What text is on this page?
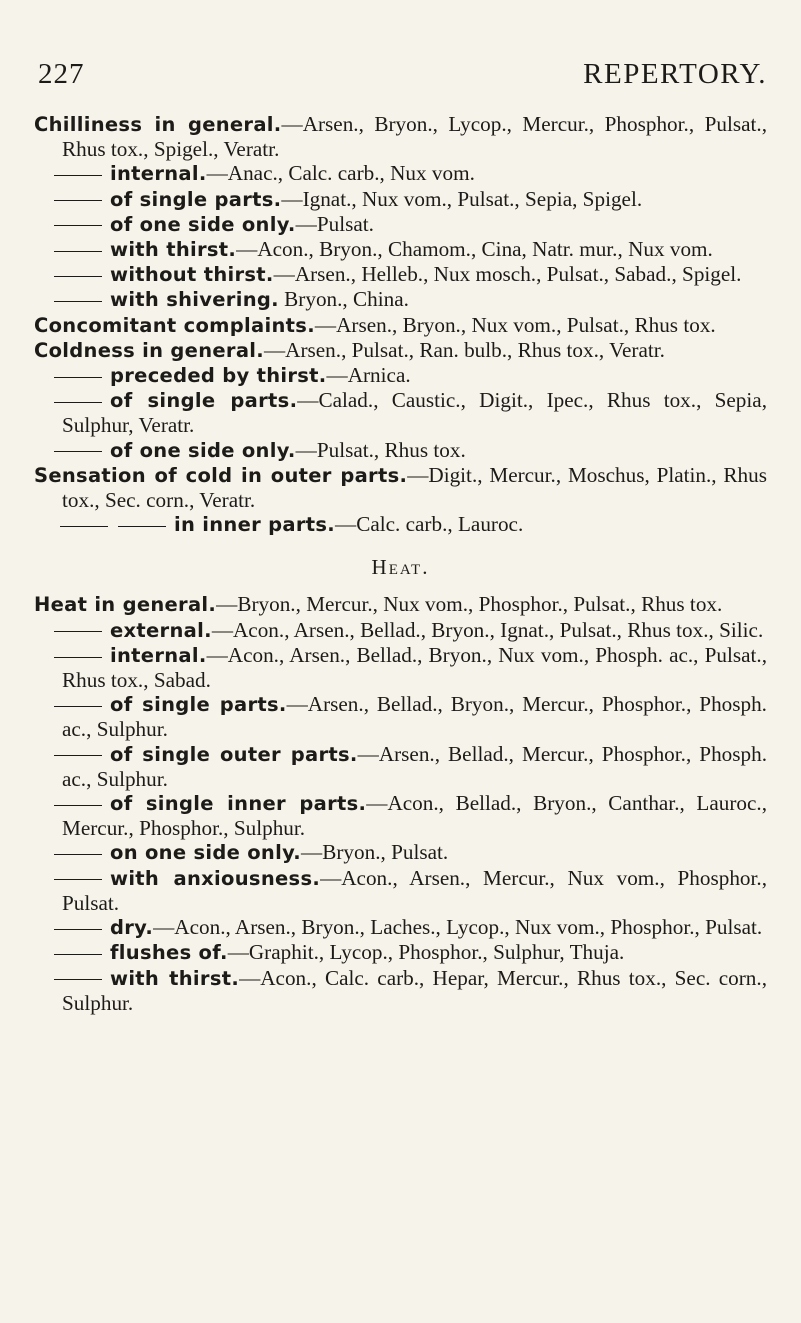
227	REPERTORY.

Chilliness in general.—Arsen., Bryon., Lycop., Mercur., Phosphor., Pulsat., Rhus tox., Spigel., Veratr.

internal.—Anac., Calc. carb., Nux vom.

of single parts.—Ignat., Nux vom., Pulsat., Sepia, Spigel.

of one side only.—Pulsat.

with thirst.—Acon., Bryon., Chamom., Cina, Natr. mur., Nux vom.

without thirst.—Arsen., Helleb., Nux mosch., Pulsat., Sabad., Spigel.

with shivering. Bryon., China.

Concomitant complaints.—Arsen., Bryon., Nux vom., Pulsat., Rhus tox.

Coldness in general.—Arsen., Pulsat., Ran. bulb., Rhus tox., Veratr.

preceded by thirst.—Arnica.

of single parts.—Calad., Caustic., Digit., Ipec., Rhus tox., Sepia, Sulphur, Veratr.

of one side only.—Pulsat., Rhus tox.

Sensation of cold in outer parts.—Digit., Mercur., Moschus, Platin., Rhus tox., Sec. corn., Veratr.

in inner parts.—Calc. carb., Lauroc.

Heat.

Heat in general.—Bryon., Mercur., Nux vom., Phosphor., Pulsat., Rhus tox.

external.—Acon., Arsen., Bellad., Bryon., Ignat., Pulsat., Rhus tox., Silic.

internal.—Acon., Arsen., Bellad., Bryon., Nux vom., Phosph. ac., Pulsat., Rhus tox., Sabad.

of single parts.—Arsen., Bellad., Bryon., Mercur., Phosphor., Phosph. ac., Sulphur.

of single outer parts.—Arsen., Bellad., Mercur., Phosphor., Phosph. ac., Sulphur.

of single inner parts.—Acon., Bellad., Bryon., Canthar., Lauroc., Mercur., Phosphor., Sulphur.

on one side only.—Bryon., Pulsat.

with anxiousness.—Acon., Arsen., Mercur., Nux vom., Phosphor., Pulsat.

dry.—Acon., Arsen., Bryon., Laches., Lycop., Nux vom., Phosphor., Pulsat.

flushes of.—Graphit., Lycop., Phosphor., Sulphur, Thuja.

with thirst.—Acon., Calc. carb., Hepar, Mercur., Rhus tox., Sec. corn., Sulphur.
